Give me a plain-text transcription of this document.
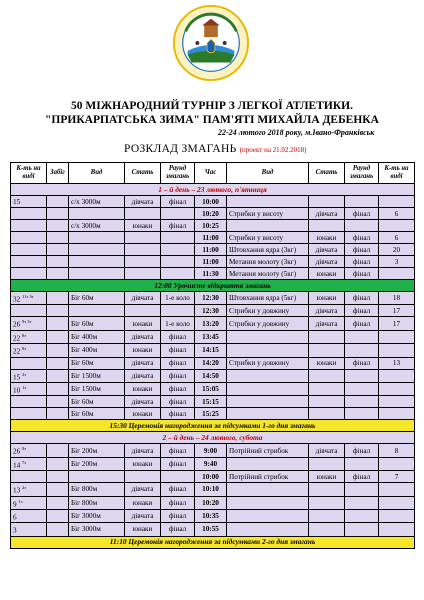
50 МІЖНАРОДНИЙ ТУРНІР З ЛЕГКОЇ АТЛЕТИКИ.
"ПРИКАРПАТСЬКА ЗИМА" ПАМ'ЯТІ МИХАЙЛА ДЕБЕНКА
22-24 лютого 2018 року, м.Івано-Франківськ
РОЗКЛАД ЗМАГАНЬ (проект на 21.02.2018)
К-ть на виді	Забіг	Вид	Стать	Раунд змагань	Час	Вид	Стать	Раунд змагань	К-ть на виді
1 – й день – 23 лютого, п'ятниця									
15		с/х 3000м	дівчата	фінал	10:00				
					10:20	Стрибки у висоту	дівчата	фінал	6
		с/х 3000м	юнаки	фінал	10:25				
					11:00	Стрибки у висоту	юнаки	фінал	6
					11:00	Штовхання ядра (3кг)	дівчата	фінал	20
					11:00	Метання молоту (3кг)	дівчата	фінал	3
					11:30	Метання молоту (5кг)	юнаки	фінал	
12:00 Урочисте відкриття змагань									
32 $^{11з 3т}$		Біг 60м	дівчата	1-е коло	12:30	Штовхання ядра (5кг)	юнаки	фінал	18
					12:30	Стрибки у довжину	дівчата	фінал	17
26 $^{9з 3т}$		Біг 60м	юнаки	1-е коло	13:20	Стрибки у довжину	дівчата	фінал	17
22 $^{8з}$		Біг 400м	дівчата	фінал	13:45				
22 $^{8з}$		Біг 400м	юнаки	фінал	14:15				
		Біг 60м	дівчата	фінал	14:20	Стрибки у довжину	юнаки	фінал	13
15 $^{2з}$		Біг 1500м	дівчата	фінал	14:50				
10 $^{1з}$		Біг 1500м	юнаки	фінал	15:05				
		Біг 60м	дівчата	фінал	15:15				
		Біг 60м	юнаки	фінал	15:25				
15:30 Церемонія нагородження за підсумками 1-го дня змагань									
2 – й день – 24 лютого, субота									
26 $^{9з}$		Біг 200м	дівчата	фінал	9:00	Потрійний стрибок	дівчата	фінал	8
14 $^{7з}$		Біг 200м	юнаки	фінал	9:40				
					10:00	Потрійний стрибок	юнаки	фінал	7
13 $^{2з}$		Біг 800м	дівчата	фінал	10:10				
9 $^{1з}$		Біг 800м	юнаки	фінал	10:20				
6		Біг 3000м	дівчата	фінал	10:35				
3		Біг 3000м	юнаки	фінал	10:55				
11:10 Церемонія нагородження за підсумками 2-го дня змагань									
